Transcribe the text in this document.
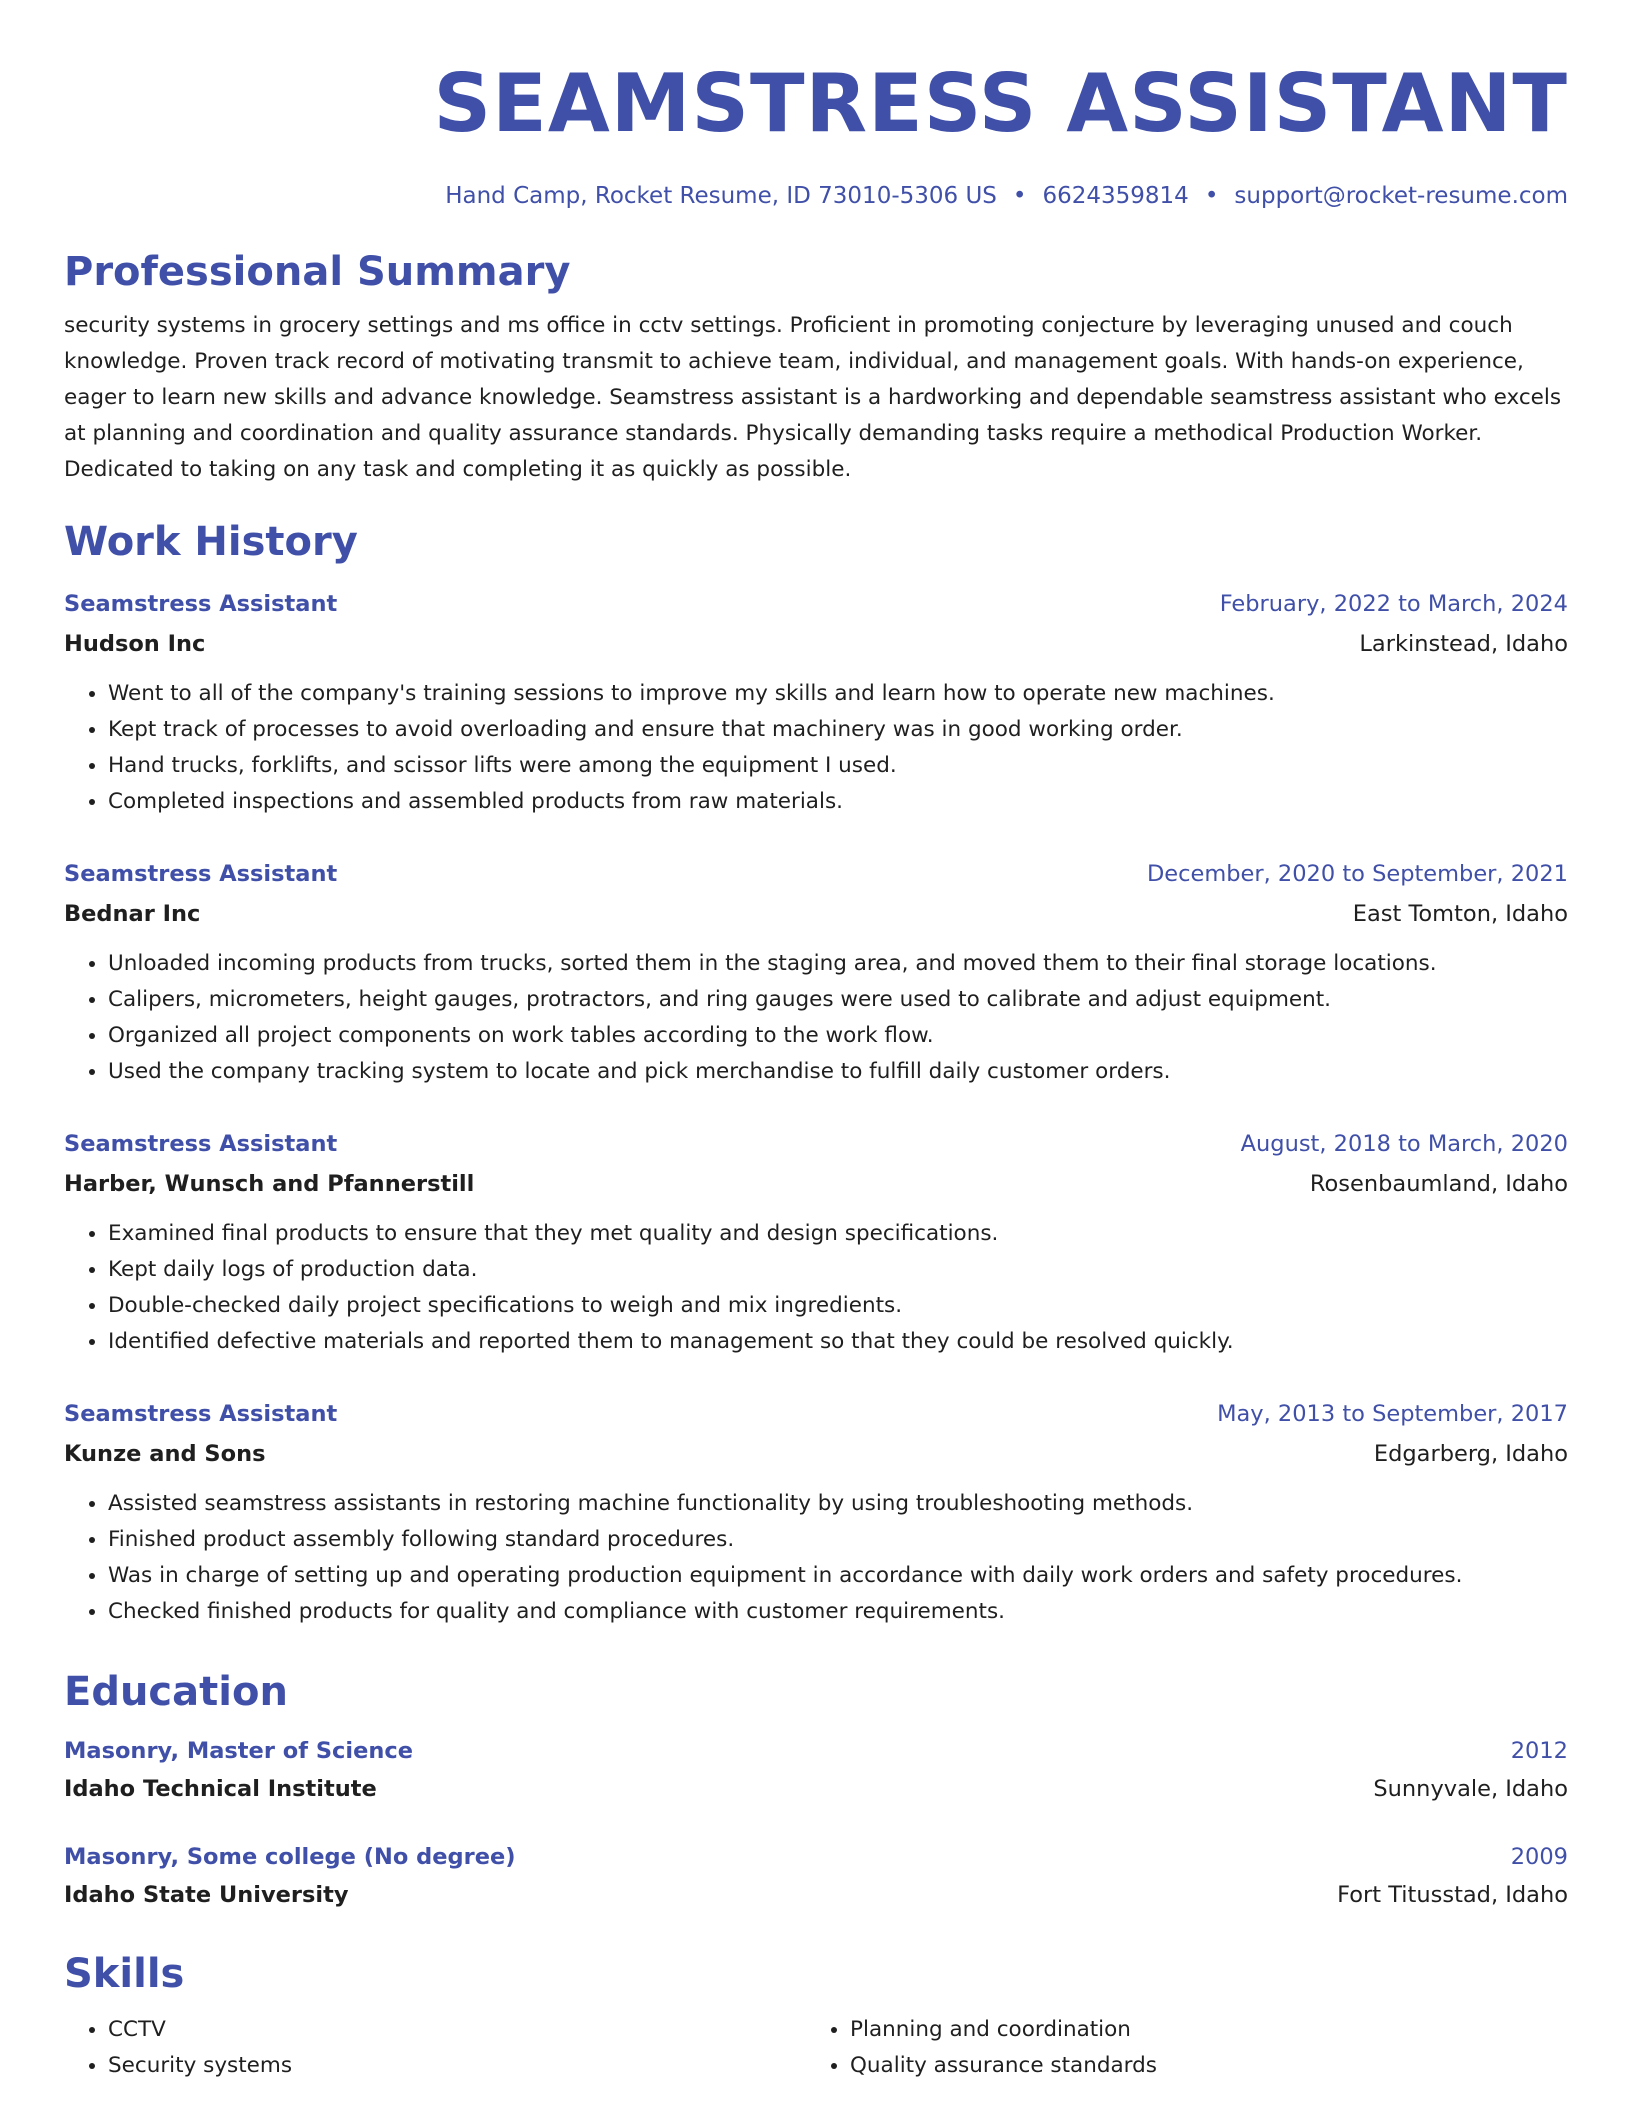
SEAMSTRESS ASSISTANT
Hand Camp, Rocket Resume, ID 73010-5306 US • 6624359814 • support@rocket-resume.com
Professional Summary
security systems in grocery settings and ms office in cctv settings. Proficient in promoting conjecture by leveraging unused and couch knowledge. Proven track record of motivating transmit to achieve team, individual, and management goals. With hands-on experience, eager to learn new skills and advance knowledge. Seamstress assistant is a hardworking and dependable seamstress assistant who excels at planning and coordination and quality assurance standards. Physically demanding tasks require a methodical Production Worker. Dedicated to taking on any task and completing it as quickly as possible.
Work History
Seamstress Assistant	February, 2022 to March, 2024
Hudson Inc	Larkinstead, Idaho
• Went to all of the company's training sessions to improve my skills and learn how to operate new machines.
• Kept track of processes to avoid overloading and ensure that machinery was in good working order.
• Hand trucks, forklifts, and scissor lifts were among the equipment I used.
• Completed inspections and assembled products from raw materials.
Seamstress Assistant	December, 2020 to September, 2021
Bednar Inc	East Tomton, Idaho
• Unloaded incoming products from trucks, sorted them in the staging area, and moved them to their final storage locations.
• Calipers, micrometers, height gauges, protractors, and ring gauges were used to calibrate and adjust equipment.
• Organized all project components on work tables according to the work flow.
• Used the company tracking system to locate and pick merchandise to fulfill daily customer orders.
Seamstress Assistant	August, 2018 to March, 2020
Harber, Wunsch and Pfannerstill	Rosenbaumland, Idaho
• Examined final products to ensure that they met quality and design specifications.
• Kept daily logs of production data.
• Double-checked daily project specifications to weigh and mix ingredients.
• Identified defective materials and reported them to management so that they could be resolved quickly.
Seamstress Assistant	May, 2013 to September, 2017
Kunze and Sons	Edgarberg, Idaho
• Assisted seamstress assistants in restoring machine functionality by using troubleshooting methods.
• Finished product assembly following standard procedures.
• Was in charge of setting up and operating production equipment in accordance with daily work orders and safety procedures.
• Checked finished products for quality and compliance with customer requirements.
Education
Masonry, Master of Science	2012
Idaho Technical Institute	Sunnyvale, Idaho
Masonry, Some college (No degree)	2009
Idaho State University	Fort Titusstad, Idaho
Skills
• CCTV
• Security systems
• Planning and coordination
• Quality assurance standards
